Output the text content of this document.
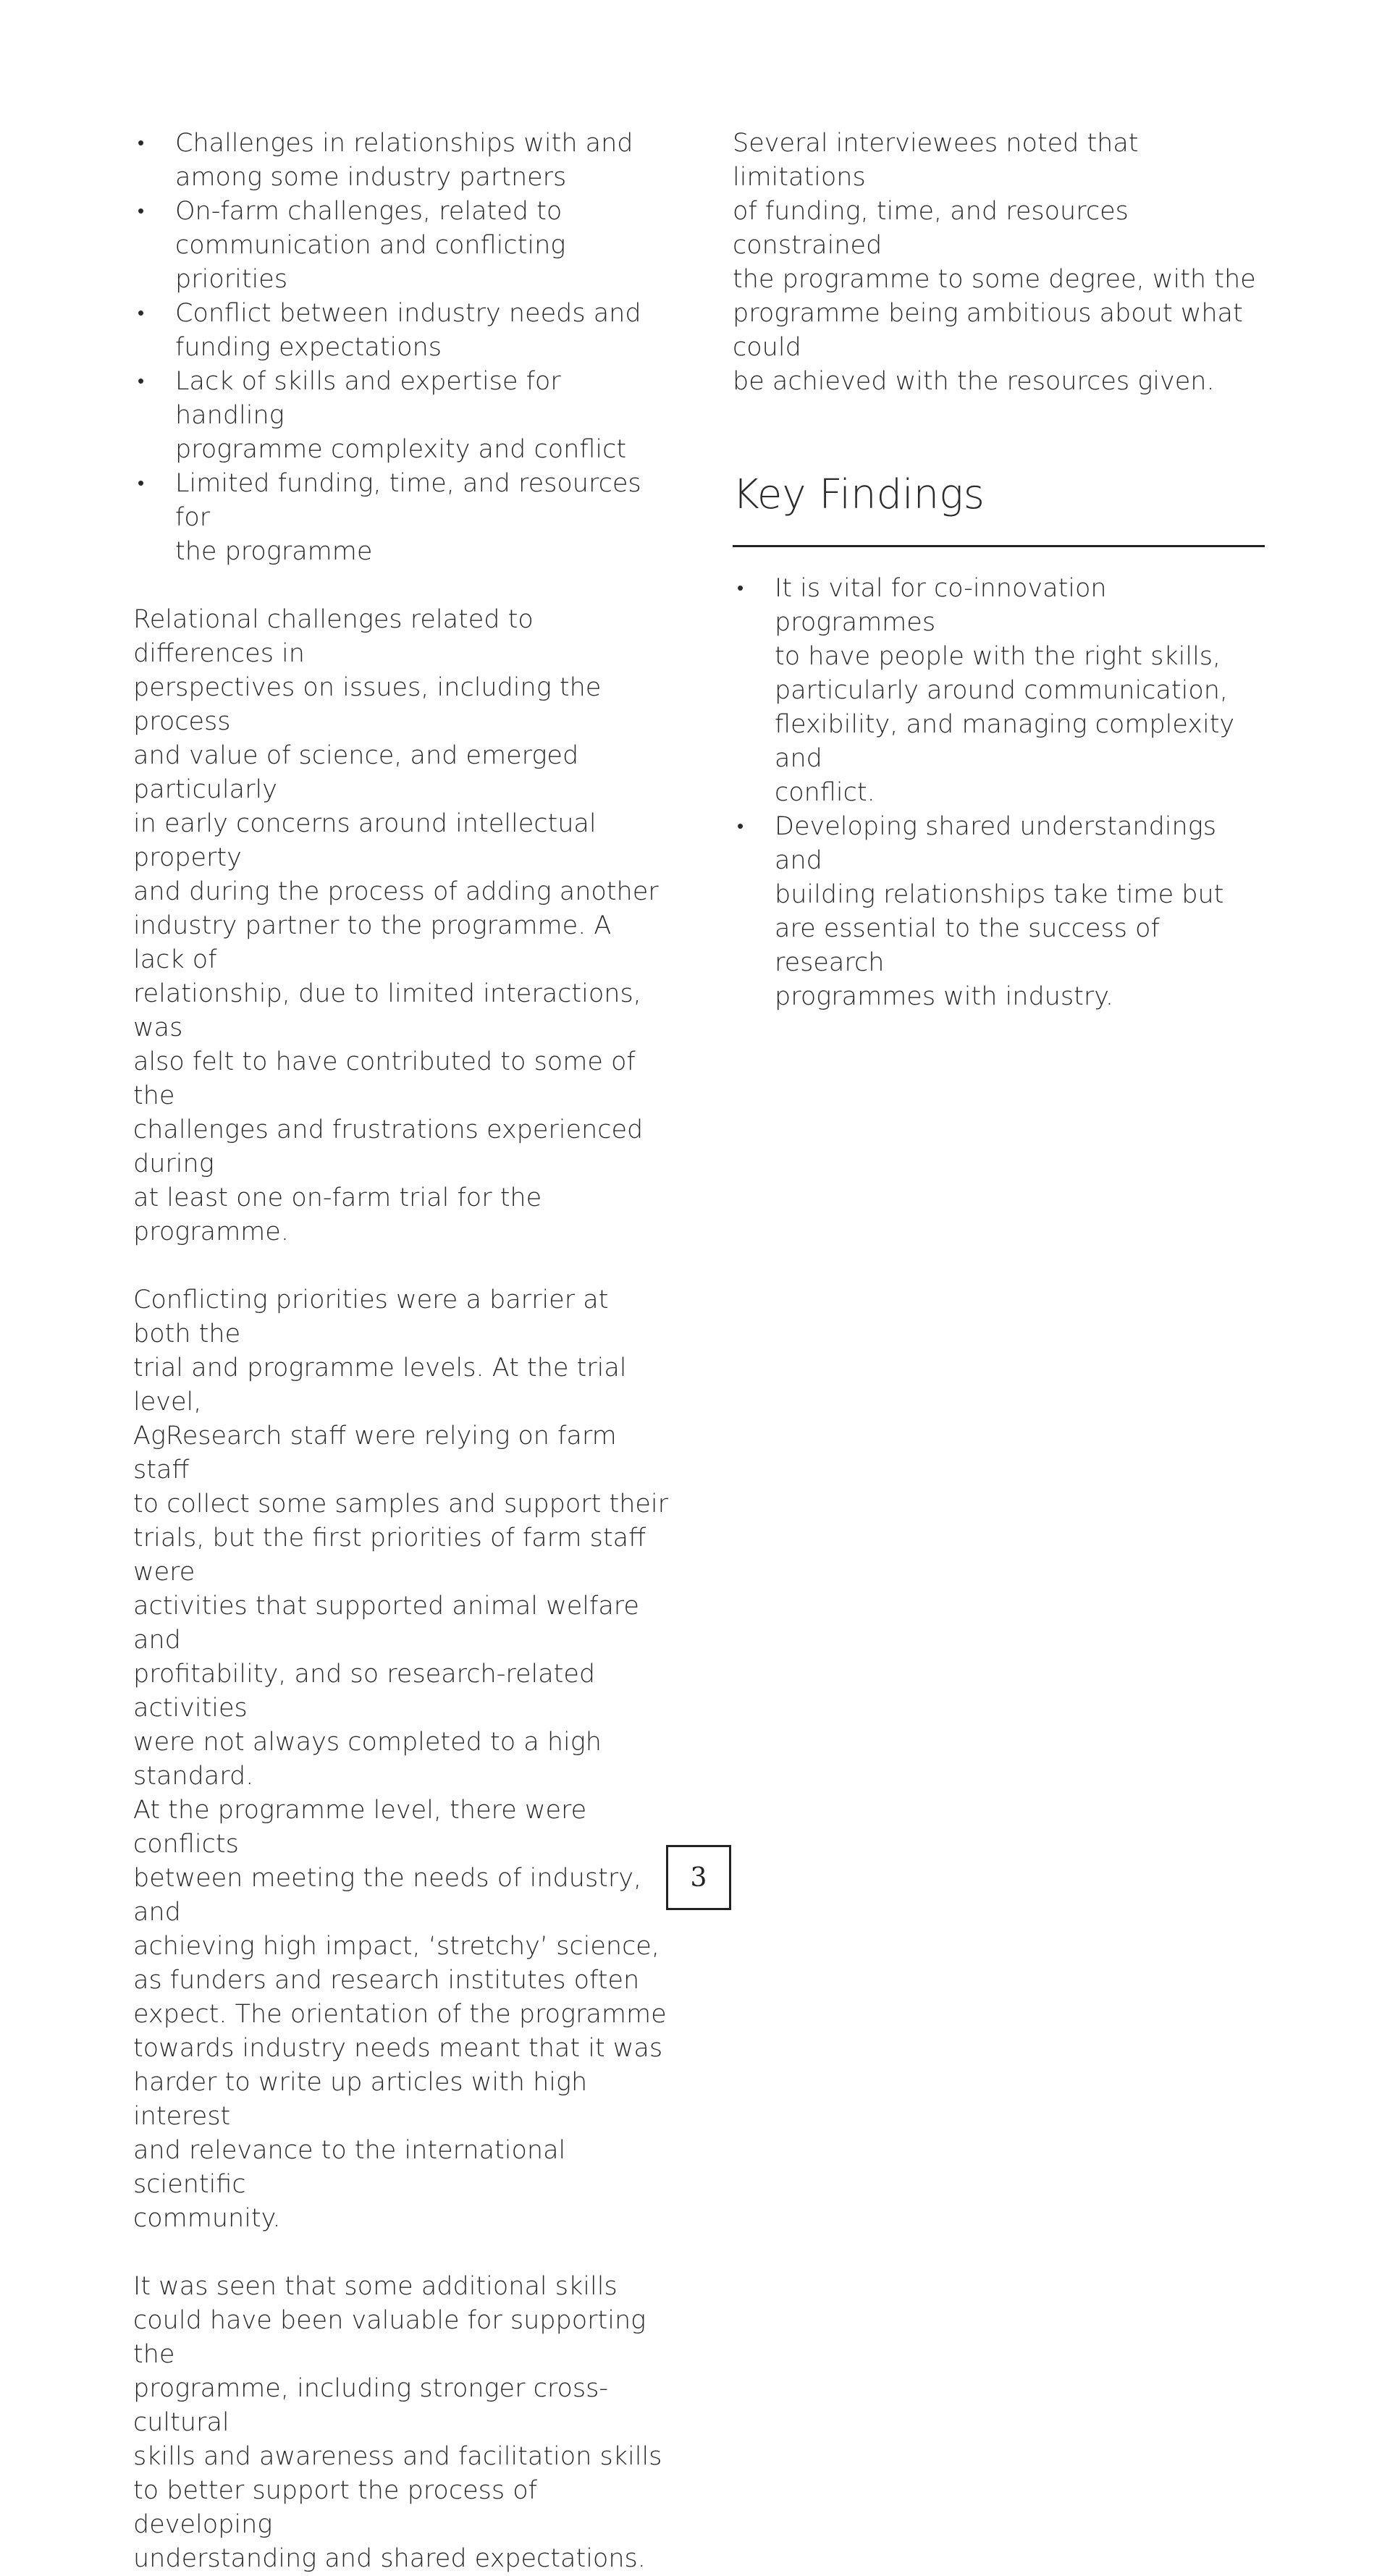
• Challenges in relationships with and
among some industry partners

• On-farm challenges, related to
communication and conflicting priorities

• Conflict between industry needs and
funding expectations

• Lack of skills and expertise for handling
programme complexity and conflict

• Limited funding, time, and resources for
the programme

Relational challenges related to differences in
perspectives on issues, including the process
and value of science, and emerged particularly
in early concerns around intellectual property
and during the process of adding another
industry partner to the programme. A lack of
relationship, due to limited interactions, was
also felt to have contributed to some of the
challenges and frustrations experienced during
at least one on-farm trial for the programme.

Conflicting priorities were a barrier at both the
trial and programme levels. At the trial level,
AgResearch staff were relying on farm staff
to collect some samples and support their
trials, but the first priorities of farm staff were
activities that supported animal welfare and
profitability, and so research-related activities
were not always completed to a high standard.
At the programme level, there were conflicts
between meeting the needs of industry, and
achieving high impact, ‘stretchy’ science,
as funders and research institutes often
expect. The orientation of the programme
towards industry needs meant that it was
harder to write up articles with high interest
and relevance to the international scientific
community.

It was seen that some additional skills
could have been valuable for supporting the
programme, including stronger cross-cultural
skills and awareness and facilitation skills
to better support the process of developing
understanding and shared expectations.

Several interviewees noted that limitations
of funding, time, and resources constrained
the programme to some degree, with the
programme being ambitious about what could
be achieved with the resources given.

Key Findings
• It is vital for co-innovation programmes
to have people with the right skills,
particularly around communication,
flexibility, and managing complexity and
conflict.

• Developing shared understandings and
building relationships take time but
are essential to the success of research
programmes with industry.

3
